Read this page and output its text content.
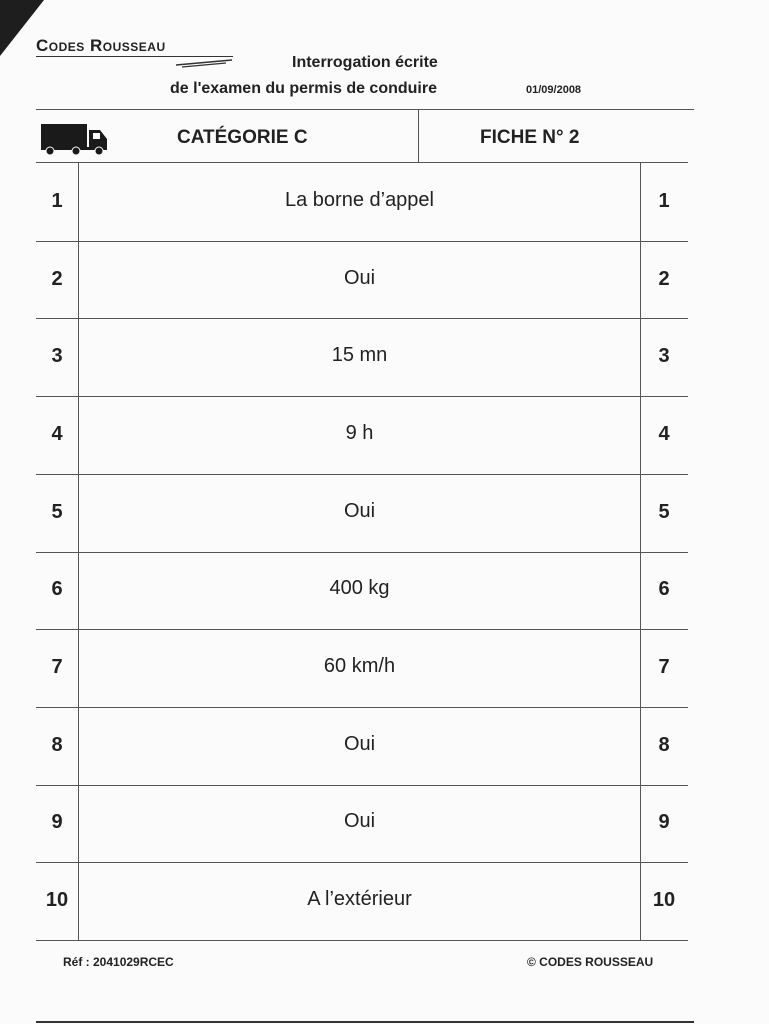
Codes Rousseau
Interrogation écrite
de l'examen du permis de conduire	01/09/2008
CATÉGORIE C	FICHE N° 2
1	La borne d’appel	1
2	Oui	2
3	15 mn	3
4	9 h	4
5	Oui	5
6	400 kg	6
7	60 km/h	7
8	Oui	8
9	Oui	9
10	A l’extérieur	10
Réf : 2041029RCEC	© CODES ROUSSEAU
